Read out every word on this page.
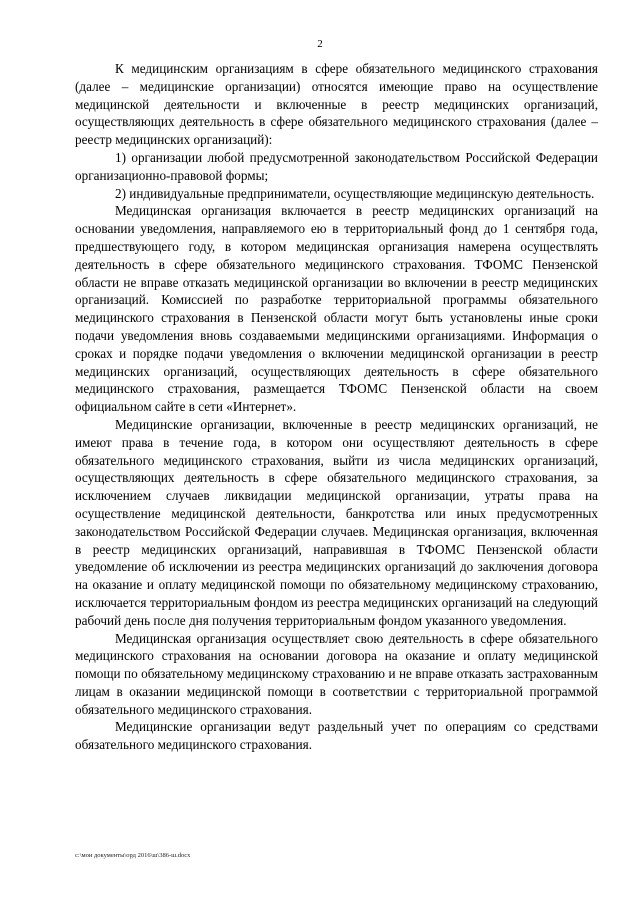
2

К медицинским организациям в сфере обязательного медицинского страхования (далее – медицинские организации) относятся имеющие право на осуществление медицинской деятельности и включенные в реестр медицинских организаций, осуществляющих деятельность в сфере обязательного медицинского страхования (далее – реестр медицинских организаций):

1) организации любой предусмотренной законодательством Российской Федерации организационно-правовой формы;

2) индивидуальные предприниматели, осуществляющие медицинскую деятельность.

Медицинская организация включается в реестр медицинских организаций на основании уведомления, направляемого ею в территориальный фонд до 1 сентября года, предшествующего году, в котором медицинская организация намерена осуществлять деятельность в сфере обязательного медицинского страхования. ТФОМС Пензенской области не вправе отказать медицинской организации во включении в реестр медицинских организаций. Комиссией по разработке территориальной программы обязательного медицинского страхования в Пензенской области могут быть установлены иные сроки подачи уведомления вновь создаваемыми медицинскими организациями. Информация о сроках и порядке подачи уведомления о включении медицинской организации в реестр медицинских организаций, осуществляющих деятельность в сфере обязательного медицинского страхования, размещается ТФОМС Пензенской области на своем официальном сайте в сети «Интернет».

Медицинские организации, включенные в реестр медицинских организаций, не имеют права в течение года, в котором они осуществляют деятельность в сфере обязательного медицинского страхования, выйти из числа медицинских организаций, осуществляющих деятельность в сфере обязательного медицинского страхования, за исключением случаев ликвидации медицинской организации, утраты права на осуществление медицинской деятельности, банкротства или иных предусмотренных законодательством Российской Федерации случаев. Медицинская организация, включенная в реестр медицинских организаций, направившая в ТФОМС Пензенской области уведомление об исключении из реестра медицинских организаций до заключения договора на оказание и оплату медицинской помощи по обязательному медицинскому страхованию, исключается территориальным фондом из реестра медицинских организаций на следующий рабочий день после дня получения территориальным фондом указанного уведомления.

Медицинская организация осуществляет свою деятельность в сфере обязательного медицинского страхования на основании договора на оказание и оплату медицинской помощи по обязательному медицинскому страхованию и не вправе отказать застрахованным лицам в оказании медицинской помощи в соответствии с территориальной программой обязательного медицинского страхования.

Медицинские организации ведут раздельный учет по операциям со средствами обязательного медицинского страхования.

c:\мои документы\орд 2016\ш\386-ш.docx
